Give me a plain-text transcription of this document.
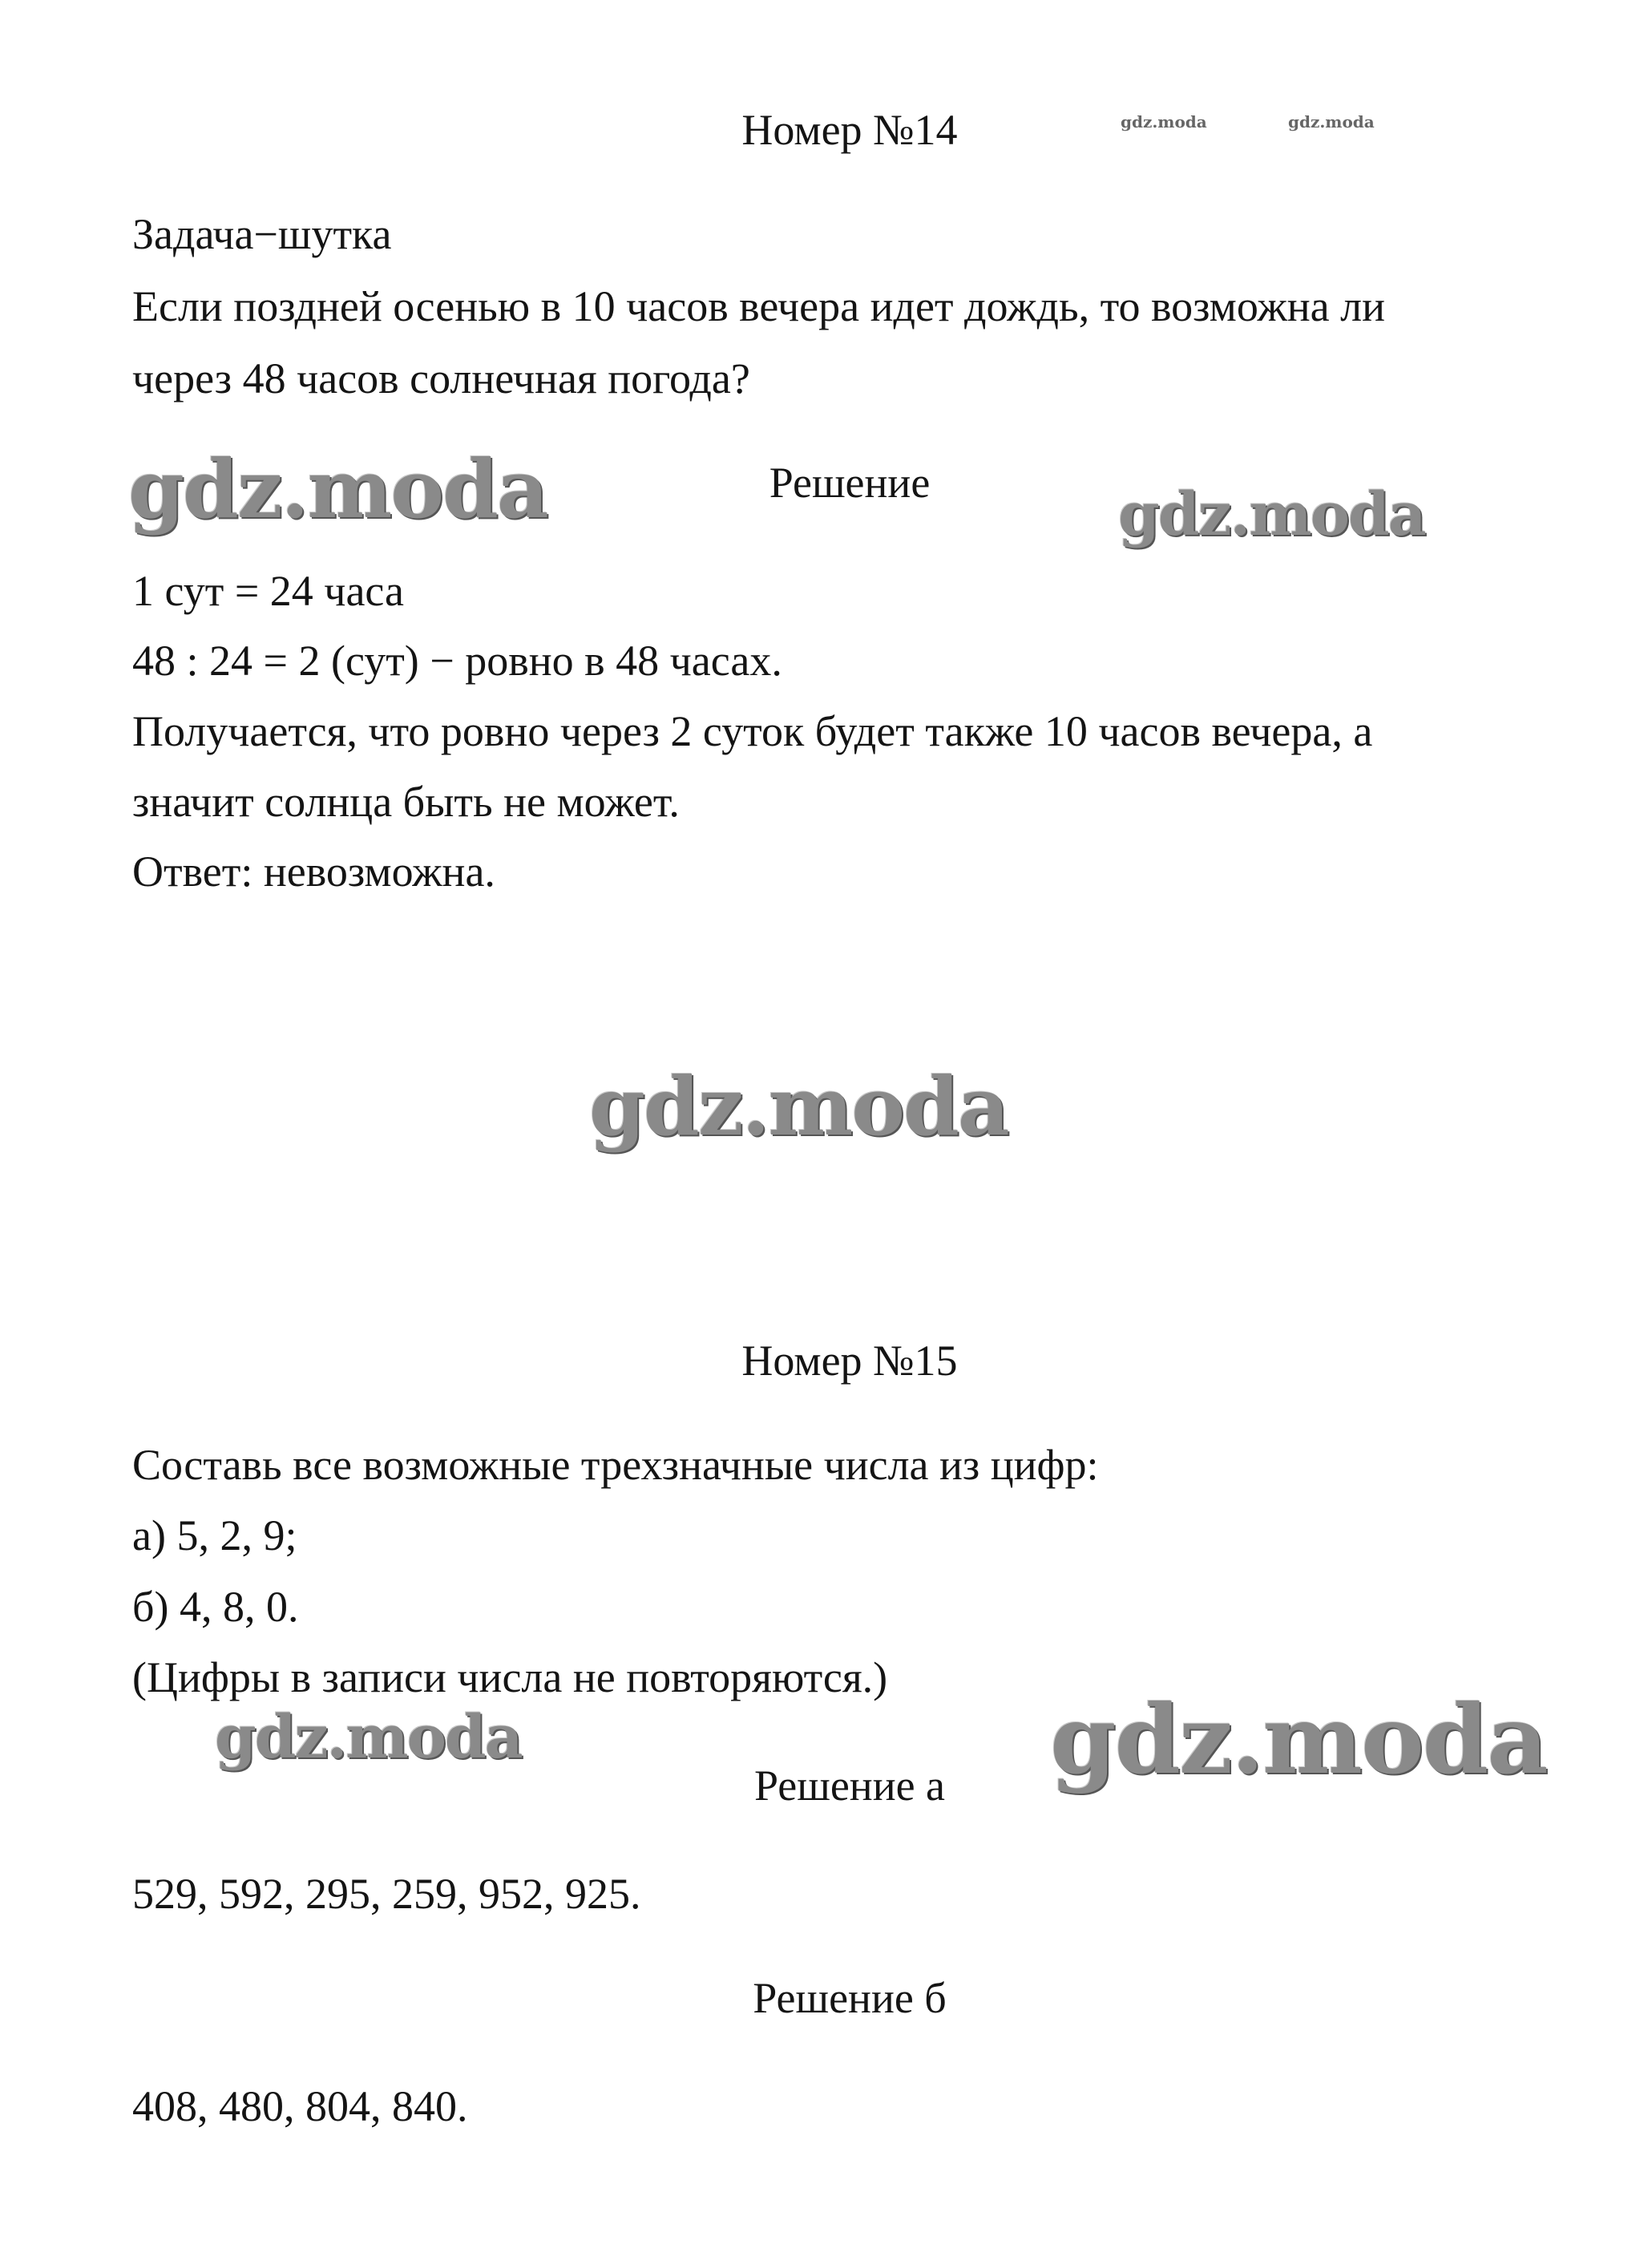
gdz.moda	gdz.moda

Номер №14

Задача−шутка

Если поздней осенью в 10 часов вечера идет дождь, то возможна ли

через 48 часов солнечная погода?

gdz.moda	Решение	gdz.moda

1 сут = 24 часа

48 : 24 = 2 (сут) − ровно в 48 часах.

Получается, что ровно через 2 суток будет также 10 часов вечера, а

значит солнца быть не может.

Ответ: невозможна.

gdz.moda

Номер №15

Составь все возможные трехзначные числа из цифр:

а) 5, 2, 9;

б) 4, 8, 0.

(Цифры в записи числа не повторяются.)

gdz.moda	gdz.moda

Решение а

529, 592, 295, 259, 952, 925.

Решение б

408, 480, 804, 840.
